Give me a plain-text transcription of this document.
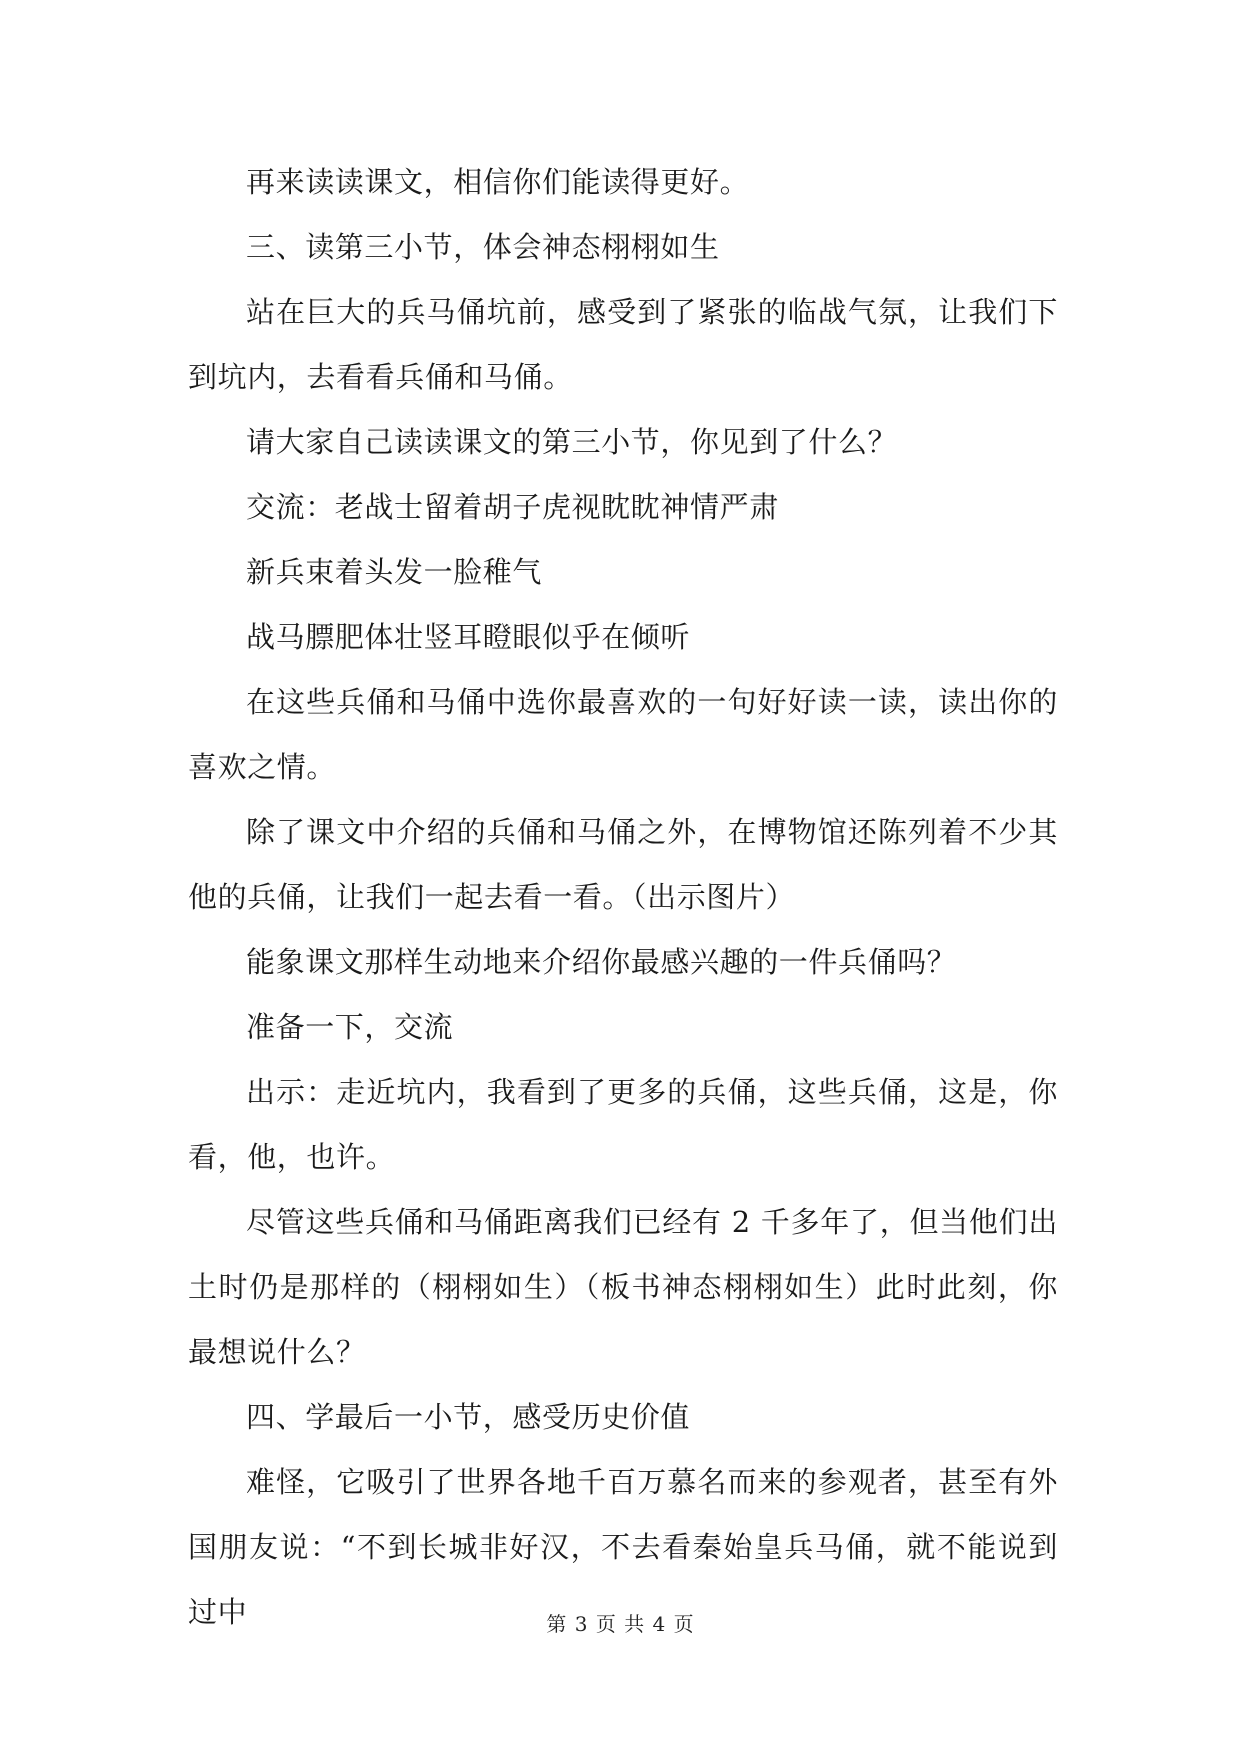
再来读读课文，相信你们能读得更好。

三、读第三小节，体会神态栩栩如生

站在巨大的兵马俑坑前，感受到了紧张的临战气氛，让我们下到坑内，去看看兵俑和马俑。

请大家自己读读课文的第三小节，你见到了什么？

交流：老战士留着胡子虎视眈眈神情严肃

新兵束着头发一脸稚气

战马膘肥体壮竖耳瞪眼似乎在倾听

在这些兵俑和马俑中选你最喜欢的一句好好读一读，读出你的喜欢之情。

除了课文中介绍的兵俑和马俑之外，在博物馆还陈列着不少其他的兵俑，让我们一起去看一看。（出示图片）

能象课文那样生动地来介绍你最感兴趣的一件兵俑吗？

准备一下，交流

出示：走近坑内，我看到了更多的兵俑，这些兵俑，这是，你看，他，也许。

尽管这些兵俑和马俑距离我们已经有 2 千多年了，但当他们出土时仍是那样的（栩栩如生）（板书神态栩栩如生）此时此刻，你最想说什么？

四、学最后一小节，感受历史价值

难怪，它吸引了世界各地千百万慕名而来的参观者，甚至有外国朋友说：“不到长城非好汉，不去看秦始皇兵马俑，就不能说到过中	第 3 页 共 4 页
